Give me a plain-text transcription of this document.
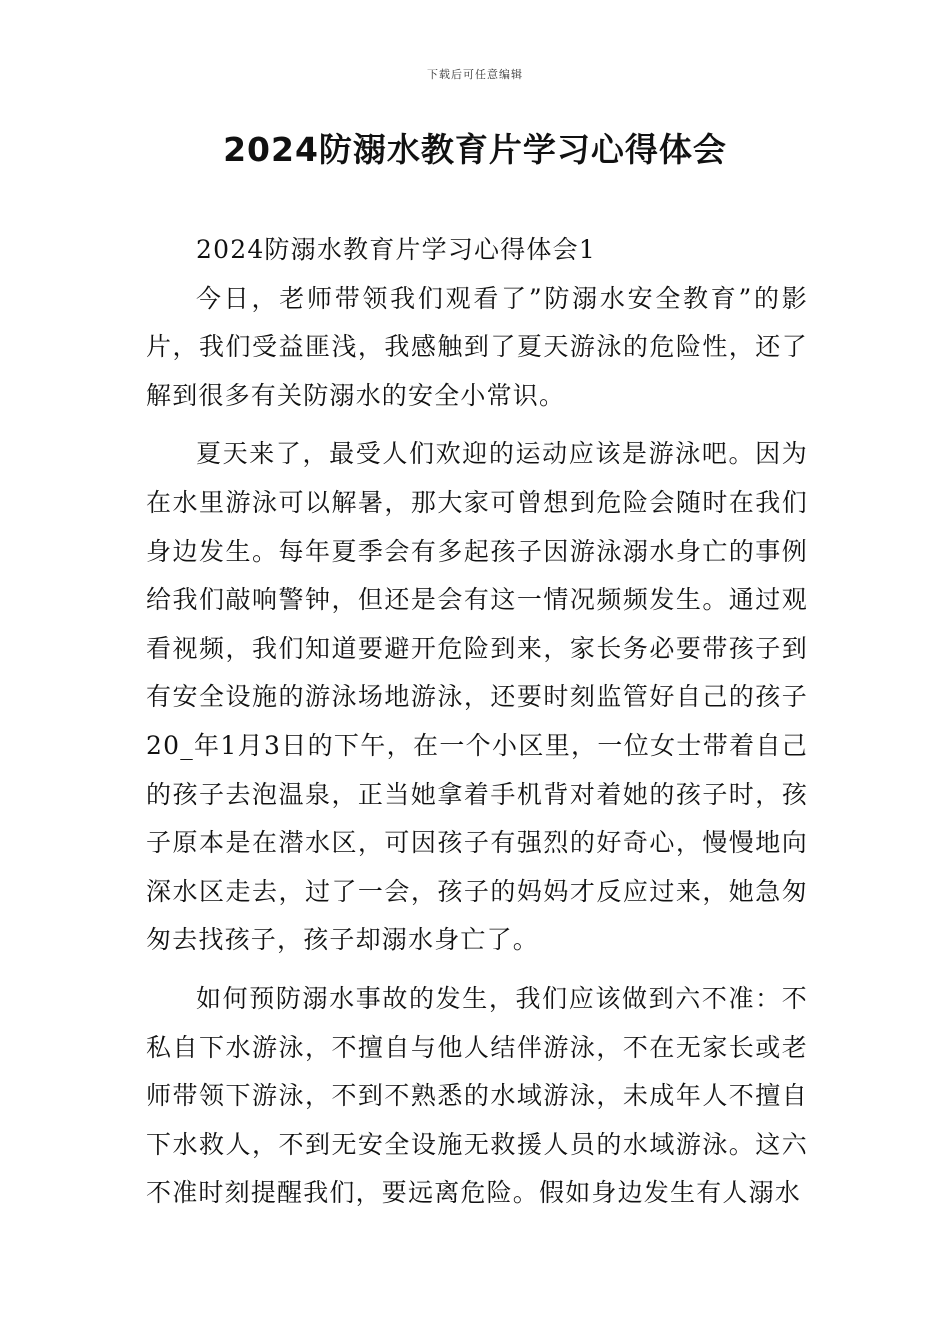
下载后可任意编辑
2024防溺水教育片学习心得体会

2024防溺水教育片学习心得体会1

今日，老师带领我们观看了”防溺水安全教育”的影片，我们受益匪浅，我感触到了夏天游泳的危险性，还了解到很多有关防溺水的安全小常识。

夏天来了，最受人们欢迎的运动应该是游泳吧。因为在水里游泳可以解暑，那大家可曾想到危险会随时在我们身边发生。每年夏季会有多起孩子因游泳溺水身亡的事例给我们敲响警钟，但还是会有这一情况频频发生。通过观看视频，我们知道要避开危险到来，家长务必要带孩子到有安全设施的游泳场地游泳，还要时刻监管好自己的孩子20_年1月3日的下午，在一个小区里，一位女士带着自己的孩子去泡温泉，正当她拿着手机背对着她的孩子时，孩子原本是在潜水区，可因孩子有强烈的好奇心，慢慢地向深水区走去，过了一会，孩子的妈妈才反应过来，她急匆匆去找孩子，孩子却溺水身亡了。

如何预防溺水事故的发生，我们应该做到六不准：不私自下水游泳，不擅自与他人结伴游泳，不在无家长或老师带领下游泳，不到不熟悉的水域游泳，未成年人不擅自下水救人，不到无安全设施无救援人员的水域游泳。这六不准时刻提醒我们，要远离危险。假如身边发生有人溺水
